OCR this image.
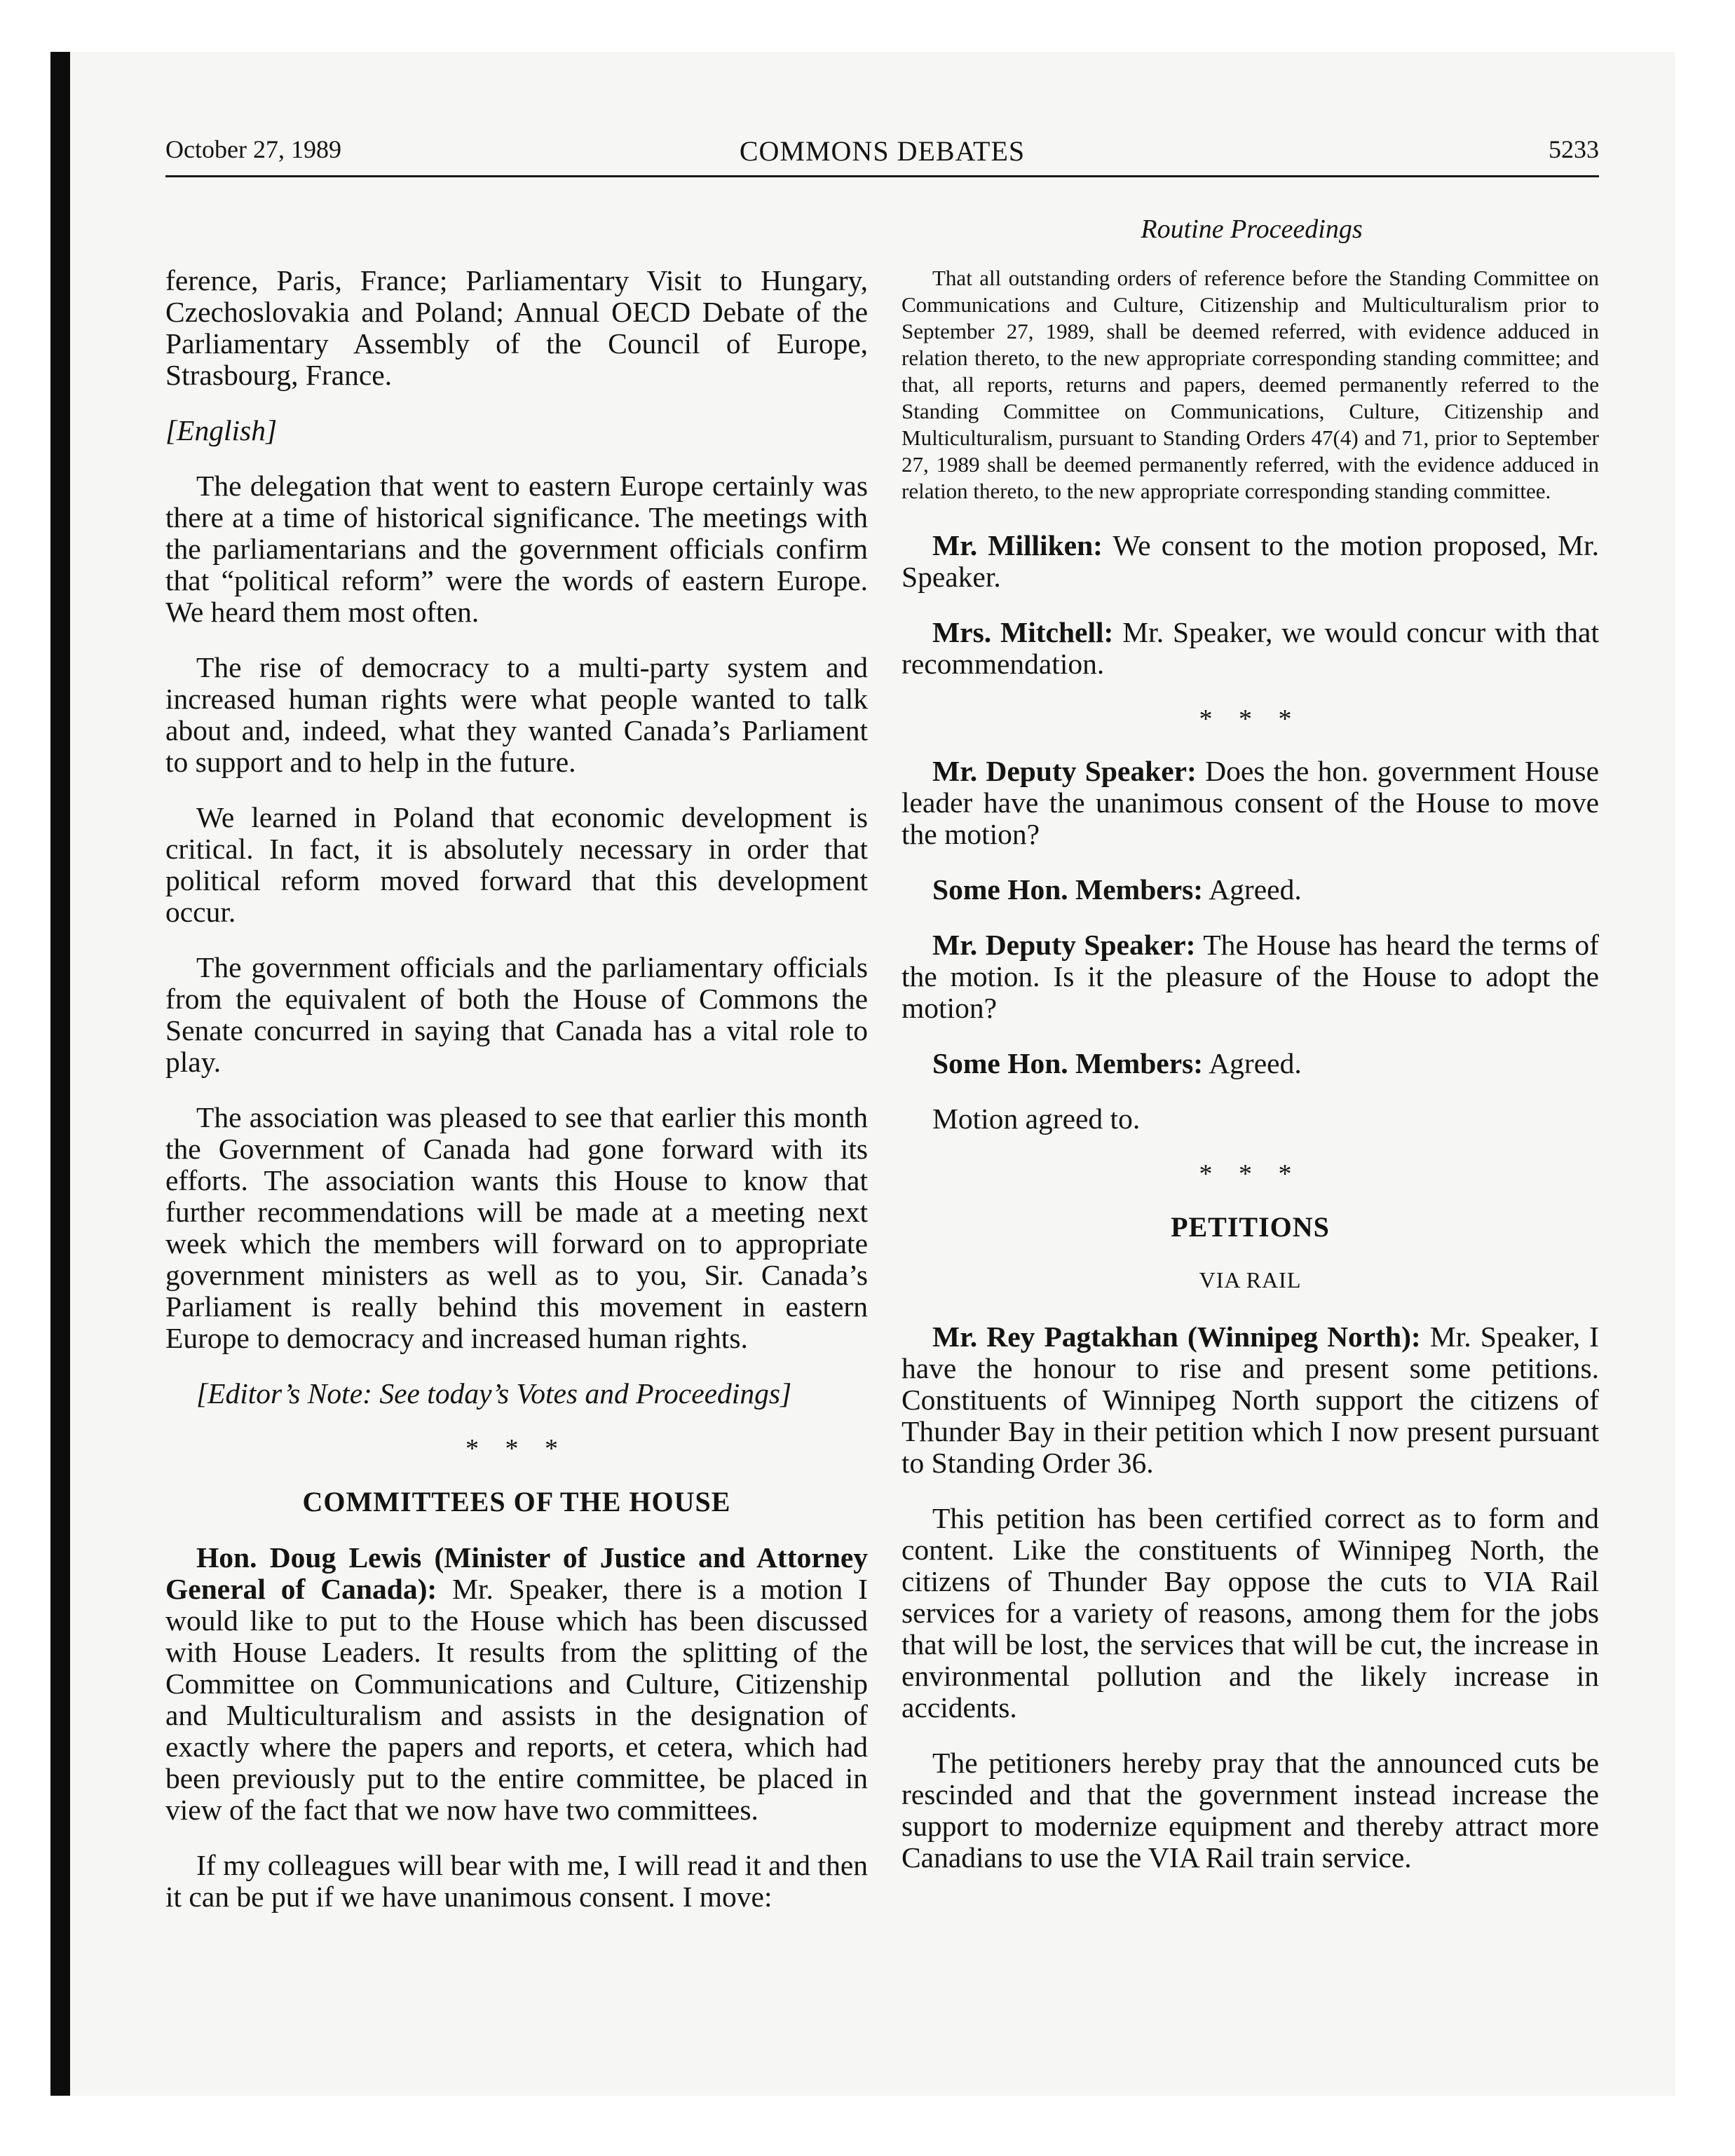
October 27, 1989	COMMONS DEBATES	5233
Routine Proceedings

ference, Paris, France; Parliamentary Visit to Hungary, Czechoslovakia and Poland; Annual OECD Debate of the Parliamentary Assembly of the Council of Europe, Strasbourg, France.

[English]

The delegation that went to eastern Europe certainly was there at a time of historical significance. The meetings with the parliamentarians and the government officials confirm that “political reform” were the words of eastern Europe. We heard them most often.

The rise of democracy to a multi-party system and increased human rights were what people wanted to talk about and, indeed, what they wanted Canada’s Parliament to support and to help in the future.

We learned in Poland that economic development is critical. In fact, it is absolutely necessary in order that political reform moved forward that this development occur.

The government officials and the parliamentary officials from the equivalent of both the House of Commons the Senate concurred in saying that Canada has a vital role to play.

The association was pleased to see that earlier this month the Government of Canada had gone forward with its efforts. The association wants this House to know that further recommendations will be made at a meeting next week which the members will forward on to appropriate government ministers as well as to you, Sir. Canada’s Parliament is really behind this movement in eastern Europe to democracy and increased human rights.

[Editor’s Note: See today’s Votes and Proceedings]

* * *
COMMITTEES OF THE HOUSE

Hon. Doug Lewis (Minister of Justice and Attorney General of Canada): Mr. Speaker, there is a motion I would like to put to the House which has been discussed with House Leaders. It results from the splitting of the Committee on Communications and Culture, Citizenship and Multiculturalism and assists in the designation of exactly where the papers and reports, et cetera, which had been previously put to the entire committee, be placed in view of the fact that we now have two committees.

If my colleagues will bear with me, I will read it and then it can be put if we have unanimous consent. I move:

That all outstanding orders of reference before the Standing Committee on Communications and Culture, Citizenship and Multiculturalism prior to September 27, 1989, shall be deemed referred, with evidence adduced in relation thereto, to the new appropriate corresponding standing committee; and that, all reports, returns and papers, deemed permanently referred to the Standing Committee on Communications, Culture, Citizenship and Multiculturalism, pursuant to Standing Orders 47(4) and 71, prior to September 27, 1989 shall be deemed permanently referred, with the evidence adduced in relation thereto, to the new appropriate corresponding standing committee.

Mr. Milliken: We consent to the motion proposed, Mr. Speaker.

Mrs. Mitchell: Mr. Speaker, we would concur with that recommendation.

* * *

Mr. Deputy Speaker: Does the hon. government House leader have the unanimous consent of the House to move the motion?

Some Hon. Members: Agreed.

Mr. Deputy Speaker: The House has heard the terms of the motion. Is it the pleasure of the House to adopt the motion?

Some Hon. Members: Agreed.

Motion agreed to.

* * *
PETITIONS
VIA RAIL

Mr. Rey Pagtakhan (Winnipeg North): Mr. Speaker, I have the honour to rise and present some petitions. Constituents of Winnipeg North support the citizens of Thunder Bay in their petition which I now present pursuant to Standing Order 36.

This petition has been certified correct as to form and content. Like the constituents of Winnipeg North, the citizens of Thunder Bay oppose the cuts to VIA Rail services for a variety of reasons, among them for the jobs that will be lost, the services that will be cut, the increase in environmental pollution and the likely increase in accidents.

The petitioners hereby pray that the announced cuts be rescinded and that the government instead increase the support to modernize equipment and thereby attract more Canadians to use the VIA Rail train service.
